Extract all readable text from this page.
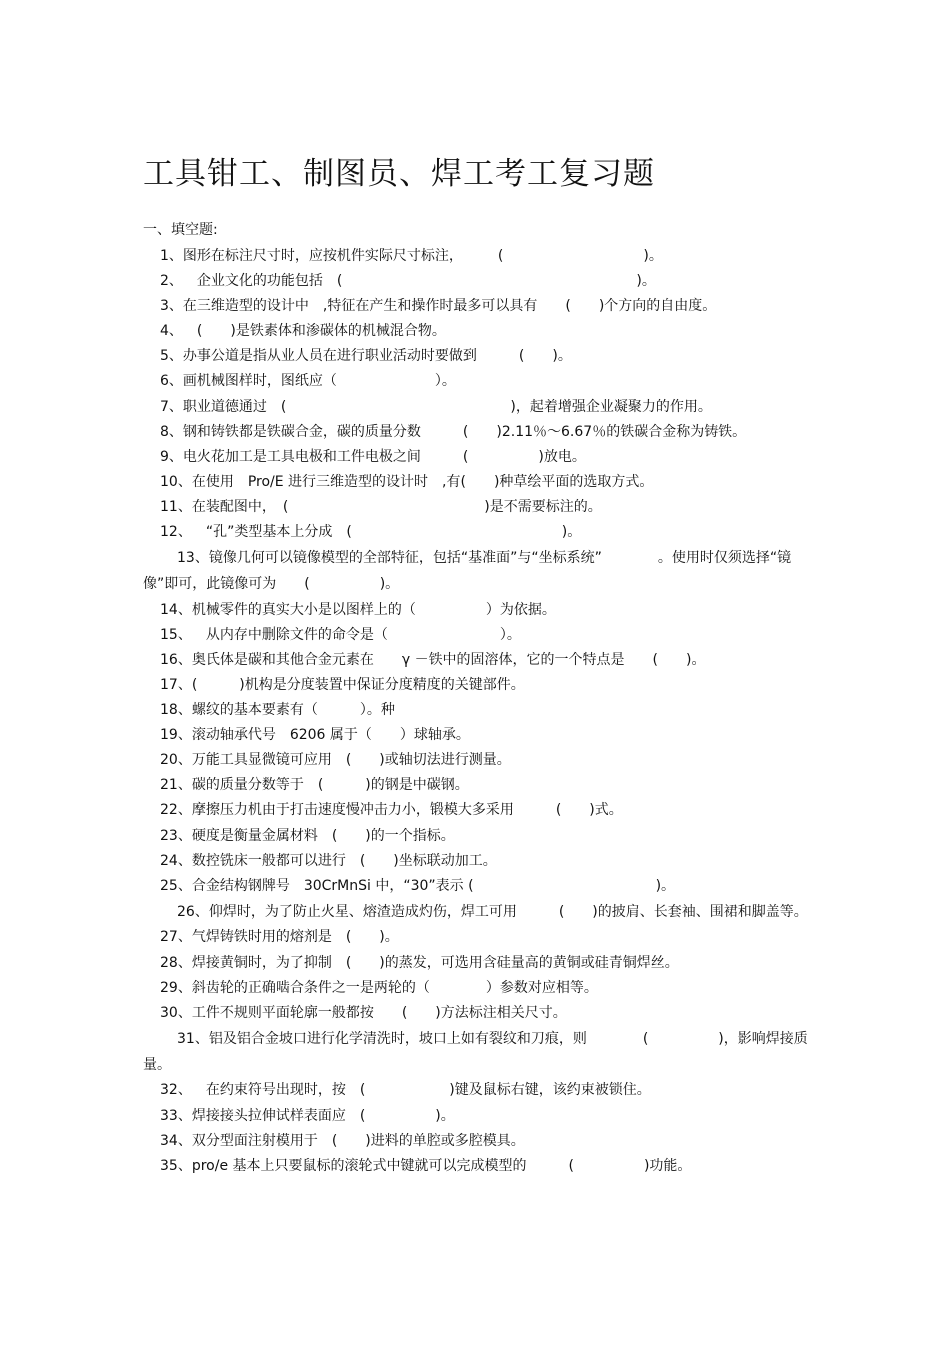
工具钳工、制图员、焊工考工复习题
一、填空题:
1、图形在标注尺寸时，应按机件实际尺寸标注，　　　(　　　　　　　　　　)。
2、　企业文化的功能包括　(　　　　　　　　　　　　　　　　　　　　　)。
3、在三维造型的设计中　,特征在产生和操作时最多可以具有　　(　　)个方向的自由度。
4、　(　　)是铁素体和渗碳体的机械混合物。
5、办事公道是指从业人员在进行职业活动时要做到　　　(　　)。
6、画机械图样时，图纸应（　　　　　　　）。
7、职业道德通过　(　　　　　　　　　　　　　　　　)，起着增强企业凝聚力的作用。
8、钢和铸铁都是铁碳合金，碳的质量分数　　　(　　)2.11％～6.67％的铁碳合金称为铸铁。
9、电火花加工是工具电极和工件电极之间　　　(　　　　　)放电。
10、在使用　Pro/E 进行三维造型的设计时　,有(　　)种草绘平面的选取方式。
11、在装配图中，　(　　　　　　　　　　　　　　)是不需要标注的。
12、　“孔”类型基本上分成　(　　　　　　　　　　　　　　　)。
13、镜像几何可以镜像模型的全部特征，包括“基准面”与“坐标系统”　　　　。使用时仅须选择“镜像”即可，此镜像可为　　(　　　　　)。
14、机械零件的真实大小是以图样上的（　　　　　）为依据。
15、　从内存中删除文件的命令是（　　　　　　　　）。
16、奥氏体是碳和其他合金元素在　　γ －铁中的固溶体，它的一个特点是　　(　　)。
17、(　　　)机构是分度装置中保证分度精度的关键部件。
18、螺纹的基本要素有（　　　）。种
19、滚动轴承代号　6206 属于（　　）球轴承。
20、万能工具显微镜可应用　(　　)或轴切法进行测量。
21、碳的质量分数等于　(　　　)的钢是中碳钢。
22、摩擦压力机由于打击速度慢冲击力小，锻模大多采用　　　(　　)式。
23、硬度是衡量金属材料　(　　)的一个指标。
24、数控铣床一般都可以进行　(　　)坐标联动加工。
25、合金结构钢牌号　30CrMnSi 中，“30”表示 (　　　　　　　　　　　　　)。
26、仰焊时，为了防止火星、熔渣造成灼伤，焊工可用　　　(　　)的披肩、长套袖、围裙和脚盖等。
27、气焊铸铁时用的熔剂是　(　　)。
28、焊接黄铜时，为了抑制　(　　)的蒸发，可选用含硅量高的黄铜或硅青铜焊丝。
29、斜齿轮的正确啮合条件之一是两轮的（　　　　）参数对应相等。
30、工件不规则平面轮廓一般都按　　(　　)方法标注相关尺寸。
31、铝及铝合金坡口进行化学清洗时，坡口上如有裂纹和刀痕，则　　　　(　　　　　)，影响焊接质量。
32、　在约束符号出现时，按　(　　　　　　)键及鼠标右键，该约束被锁住。
33、焊接接头拉伸试样表面应　(　　　　　)。
34、双分型面注射模用于　(　　)进料的单腔或多腔模具。
35、pro/e 基本上只要鼠标的滚轮式中键就可以完成模型的　　　(　　　　　)功能。
